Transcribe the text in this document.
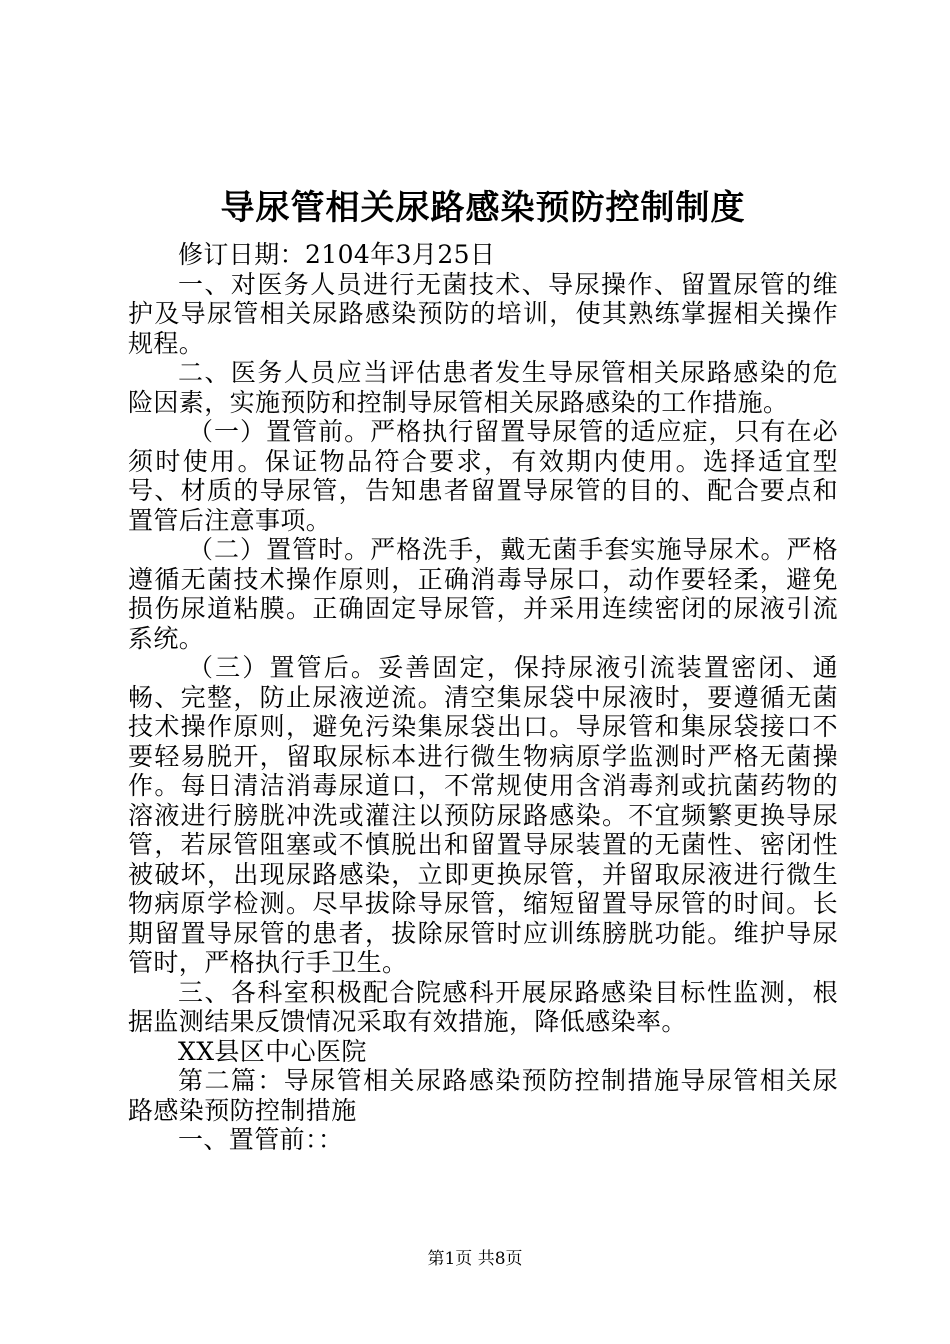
导尿管相关尿路感染预防控制制度

修订日期：2104年3月25日

一、对医务人员进行无菌技术、导尿操作、留置尿管的维护及导尿管相关尿路感染预防的培训，使其熟练掌握相关操作规程。

二、医务人员应当评估患者发生导尿管相关尿路感染的危险因素，实施预防和控制导尿管相关尿路感染的工作措施。

（一）置管前。严格执行留置导尿管的适应症，只有在必须时使用。保证物品符合要求，有效期内使用。选择适宜型号、材质的导尿管，告知患者留置导尿管的目的、配合要点和置管后注意事项。

（二）置管时。严格洗手，戴无菌手套实施导尿术。严格遵循无菌技术操作原则，正确消毒导尿口，动作要轻柔，避免损伤尿道粘膜。正确固定导尿管，并采用连续密闭的尿液引流系统。

（三）置管后。妥善固定，保持尿液引流装置密闭、通畅、完整，防止尿液逆流。清空集尿袋中尿液时，要遵循无菌技术操作原则，避免污染集尿袋出口。导尿管和集尿袋接口不要轻易脱开，留取尿标本进行微生物病原学监测时严格无菌操作。每日清洁消毒尿道口，不常规使用含消毒剂或抗菌药物的溶液进行膀胱冲洗或灌注以预防尿路感染。不宜频繁更换导尿管，若尿管阻塞或不慎脱出和留置导尿装置的无菌性、密闭性被破坏，出现尿路感染，立即更换尿管，并留取尿液进行微生物病原学检测。尽早拔除导尿管，缩短留置导尿管的时间。长期留置导尿管的患者，拔除尿管时应训练膀胱功能。维护导尿管时，严格执行手卫生。

三、各科室积极配合院感科开展尿路感染目标性监测，根据监测结果反馈情况采取有效措施，降低感染率。

XX县区中心医院

第二篇：导尿管相关尿路感染预防控制措施导尿管相关尿路感染预防控制措施

一、置管前：：

第1页 共8页
